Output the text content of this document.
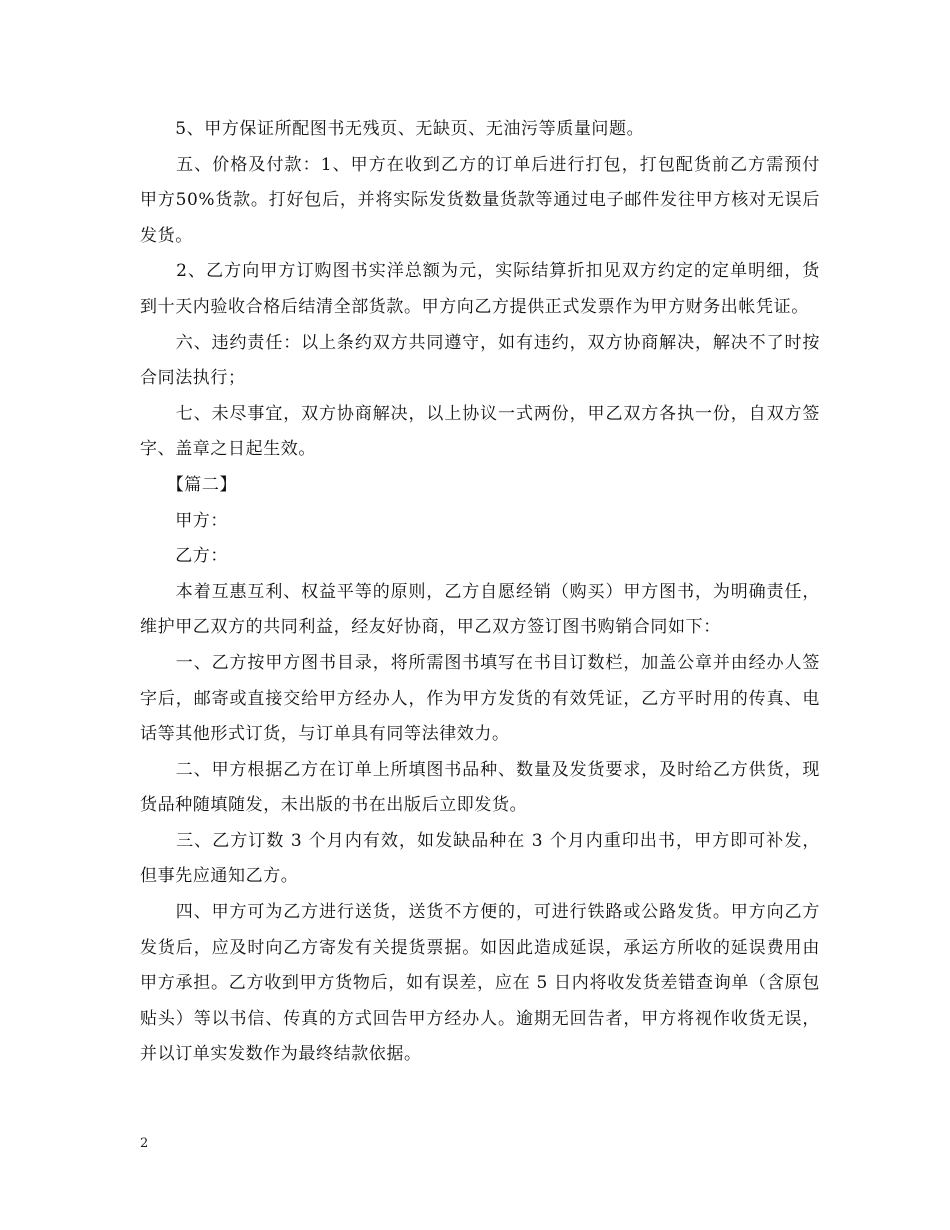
　　5、甲方保证所配图书无残页、无缺页、无油污等质量问题。

　　五、价格及付款：1、甲方在收到乙方的订单后进行打包，打包配货前乙方需预付甲方50%货款。打好包后，并将实际发货数量货款等通过电子邮件发往甲方核对无误后发货。

　　2、乙方向甲方订购图书实洋总额为元，实际结算折扣见双方约定的定单明细，货到十天内验收合格后结清全部货款。甲方向乙方提供正式发票作为甲方财务出帐凭证。

　　六、违约责任：以上条约双方共同遵守，如有违约，双方协商解决，解决不了时按合同法执行；

　　七、未尽事宜，双方协商解决，以上协议一式两份，甲乙双方各执一份，自双方签字、盖章之日起生效。

　　【篇二】

　　甲方：

　　乙方：

　　本着互惠互利、权益平等的原则，乙方自愿经销（购买）甲方图书，为明确责任，维护甲乙双方的共同利益，经友好协商，甲乙双方签订图书购销合同如下：

　　一、乙方按甲方图书目录，将所需图书填写在书目订数栏，加盖公章并由经办人签字后，邮寄或直接交给甲方经办人，作为甲方发货的有效凭证，乙方平时用的传真、电话等其他形式订货，与订单具有同等法律效力。

　　二、甲方根据乙方在订单上所填图书品种、数量及发货要求，及时给乙方供货，现货品种随填随发，未出版的书在出版后立即发货。

　　三、乙方订数 3 个月内有效，如发缺品种在 3 个月内重印出书，甲方即可补发，但事先应通知乙方。

　　四、甲方可为乙方进行送货，送货不方便的，可进行铁路或公路发货。甲方向乙方发货后，应及时向乙方寄发有关提货票据。如因此造成延误，承运方所收的延误费用由甲方承担。乙方收到甲方货物后，如有误差，应在 5 日内将收发货差错查询单（含原包贴头）等以书信、传真的方式回告甲方经办人。逾期无回告者，甲方将视作收货无误，并以订单实发数作为最终结款依据。

2
